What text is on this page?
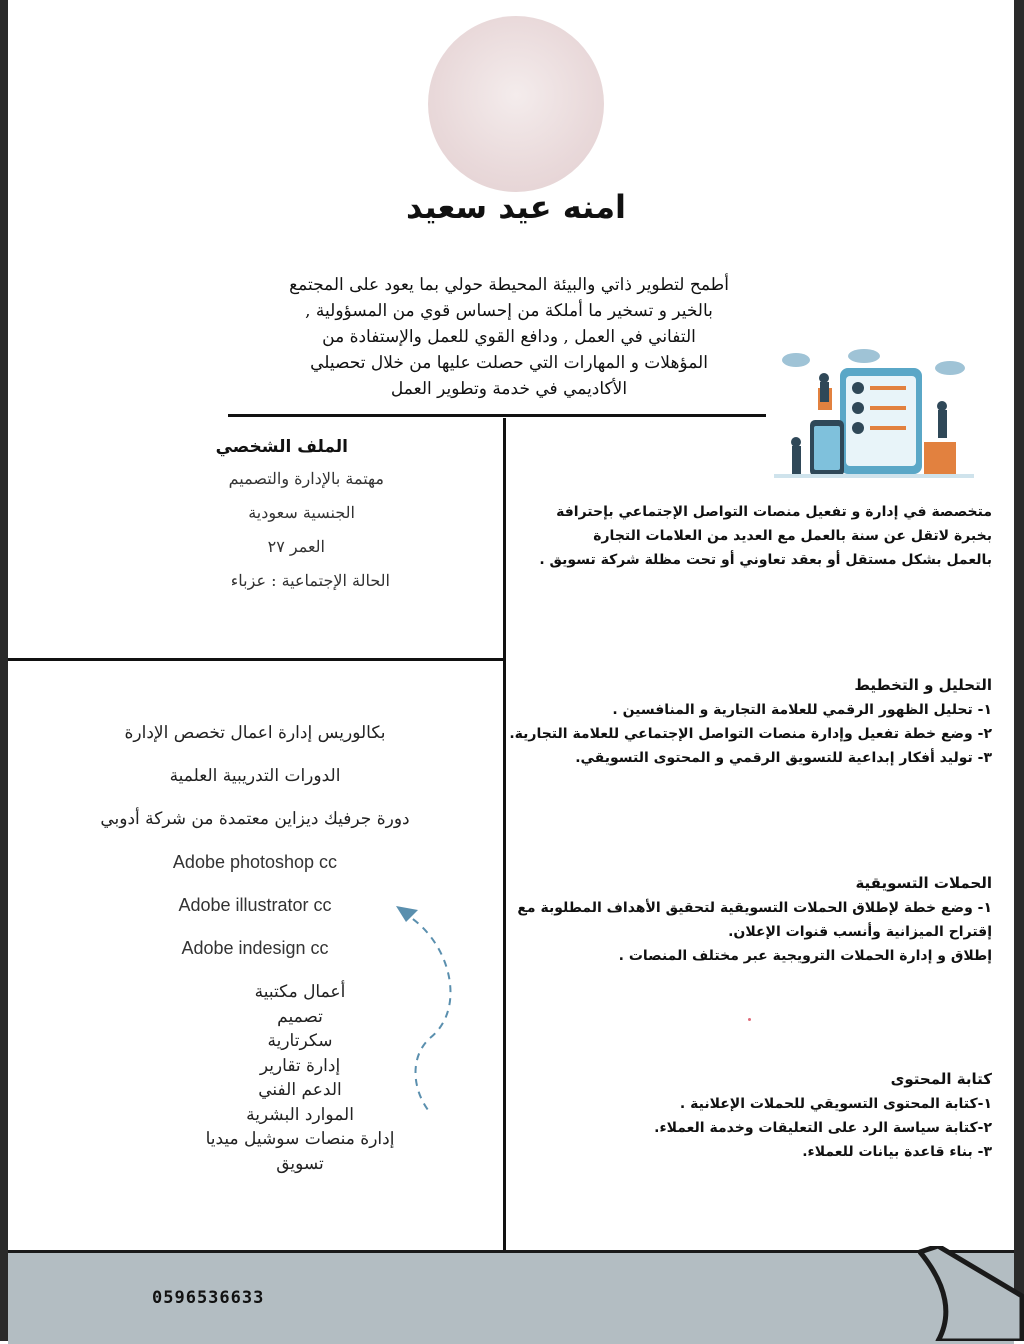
امنه عيد سعيد
أطمح لتطوير ذاتي والبيئة المحيطة حولي بما يعود على المجتمع
بالخير و تسخير ما أملكة من إحساس قوي من المسؤولية ,
التفاني في العمل , ودافع القوي للعمل والإستفادة من
المؤهلات و المهارات التي حصلت عليها من خلال تحصيلي
الأكاديمي في خدمة وتطوير العمل
الملف الشخصي
مهتمة بالإدارة والتصميم
الجنسية سعودية
العمر ٢٧
الحالة الإجتماعية : عزباء
بكالوريس إدارة اعمال تخصص الإدارة
الدورات التدريبية العلمية
دورة جرفيك ديزاين معتمدة من شركة أدوبي
Adobe photoshop cc
Adobe illustrator cc
Adobe indesign cc
أعمال مكتبية
تصميم
سكرتارية
إدارة تقارير
الدعم الفني
الموارد البشرية
إدارة منصات سوشيل ميديا
تسويق
متخصصة في إدارة و تفعيل منصات التواصل الإجتماعي بإحترافة
بخبرة لاتقل عن سنة بالعمل مع العديد من العلامات التجارة
بالعمل بشكل مستقل أو بعقد تعاوني أو تحت مظلة شركة تسويق .
التحليل و التخطيط
١- تحليل الظهور الرقمي للعلامة التجارية و المنافسين .
٢- وضع خطة تفعيل وإدارة منصات التواصل الإجتماعي للعلامة التجارية.
٣- توليد أفكار إبداعية للتسويق الرقمي و المحتوى التسويقي.
الحملات التسويقية
١- وضع خطة لإطلاق الحملات التسويقية لتحقيق الأهداف المطلوبة مع
إقتراح الميزانية وأنسب قنوات الإعلان.
إطلاق و إدارة الحملات الترويجية عبر مختلف المنصات .
كتابة المحتوى
١-كتابة المحتوى التسويقي للحملات الإعلانية .
٢-كتابة سياسة الرد على التعليقات وخدمة العملاء.
٣- بناء قاعدة بيانات للعملاء.
0596536633
